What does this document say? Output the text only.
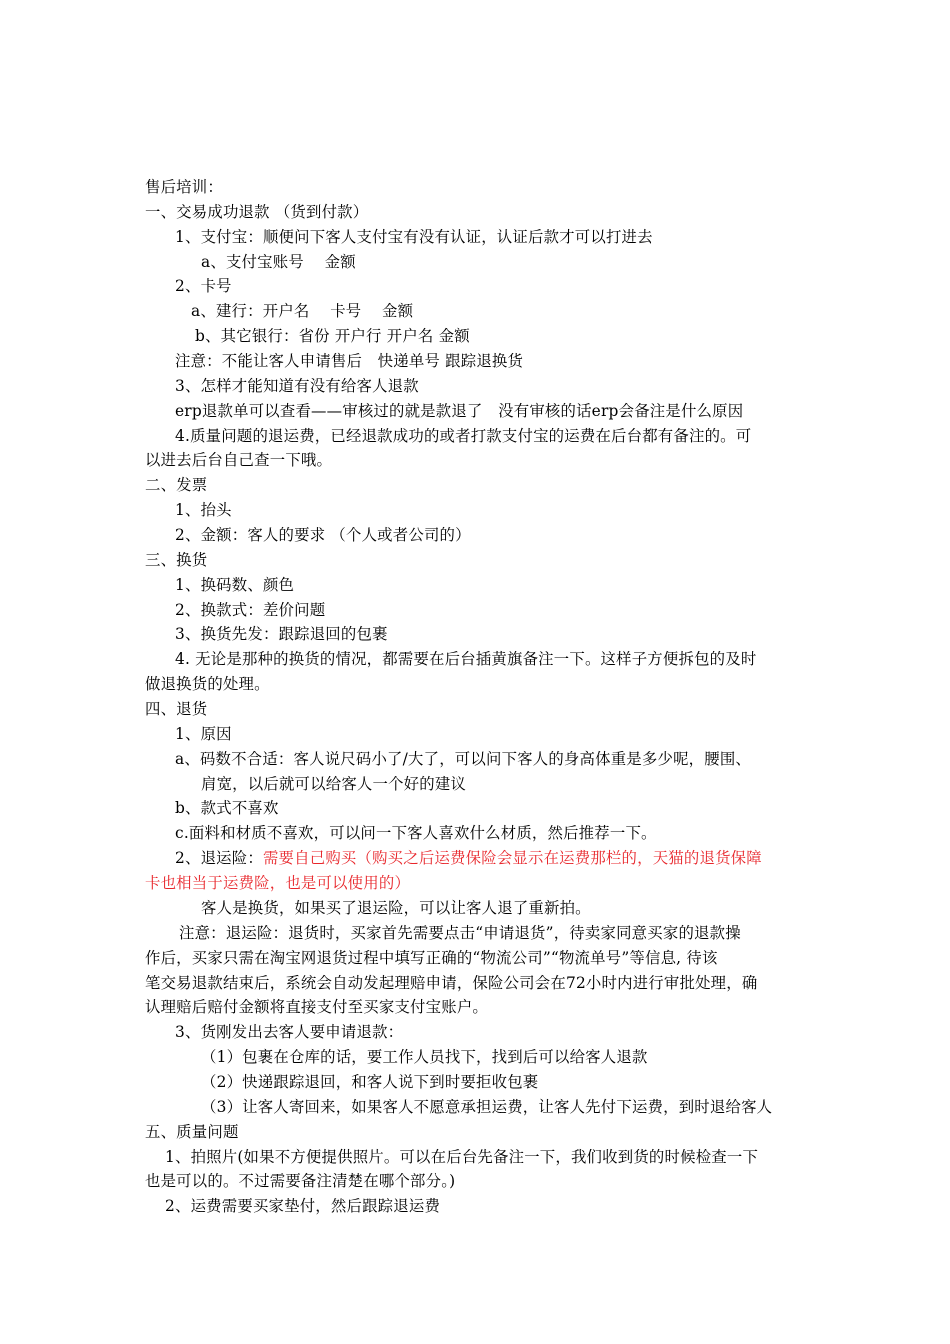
售后培训：
一、交易成功退款 （货到付款）
1、支付宝：顺便问下客人支付宝有没有认证，认证后款才可以打进去
a、支付宝账号　 金额
2、卡号
a、建行：开户名　 卡号　 金额
b、其它银行：省份 开户行 开户名 金额
注意：不能让客人申请售后　快递单号 跟踪退换货
3、怎样才能知道有没有给客人退款
erp退款单可以查看——审核过的就是款退了　没有审核的话erp会备注是什么原因
4.质量问题的退运费，已经退款成功的或者打款支付宝的运费在后台都有备注的。可
以进去后台自己查一下哦。
二、发票
1、抬头
2、金额：客人的要求 （个人或者公司的）
三、换货
1、换码数、颜色
2、换款式：差价问题
3、换货先发：跟踪退回的包裹
4. 无论是那种的换货的情况，都需要在后台插黄旗备注一下。这样子方便拆包的及时
做退换货的处理。
四、退货
1、原因
a、码数不合适：客人说尺码小了/大了，可以问下客人的身高体重是多少呢，腰围、
肩宽，以后就可以给客人一个好的建议
b、款式不喜欢
c.面料和材质不喜欢，可以问一下客人喜欢什么材质，然后推荐一下。
2、退运险：需要自己购买（购买之后运费保险会显示在运费那栏的，天猫的退货保障
卡也相当于运费险，也是可以使用的）
客人是换货，如果买了退运险，可以让客人退了重新拍。
注意：退运险：退货时，买家首先需要点击“申请退货”，待卖家同意买家的退款操
作后，买家只需在淘宝网退货过程中填写正确的“物流公司”“物流单号”等信息, 待该
笔交易退款结束后，系统会自动发起理赔申请，保险公司会在72小时内进行审批处理，确
认理赔后赔付金额将直接支付至买家支付宝账户。
3、货刚发出去客人要申请退款：
（1）包裹在仓库的话，要工作人员找下，找到后可以给客人退款
（2）快递跟踪退回，和客人说下到时要拒收包裹
（3）让客人寄回来，如果客人不愿意承担运费，让客人先付下运费，到时退给客人
五、质量问题
1、拍照片(如果不方便提供照片。可以在后台先备注一下，我们收到货的时候检查一下
也是可以的。不过需要备注清楚在哪个部分。)
2、运费需要买家垫付，然后跟踪退运费
